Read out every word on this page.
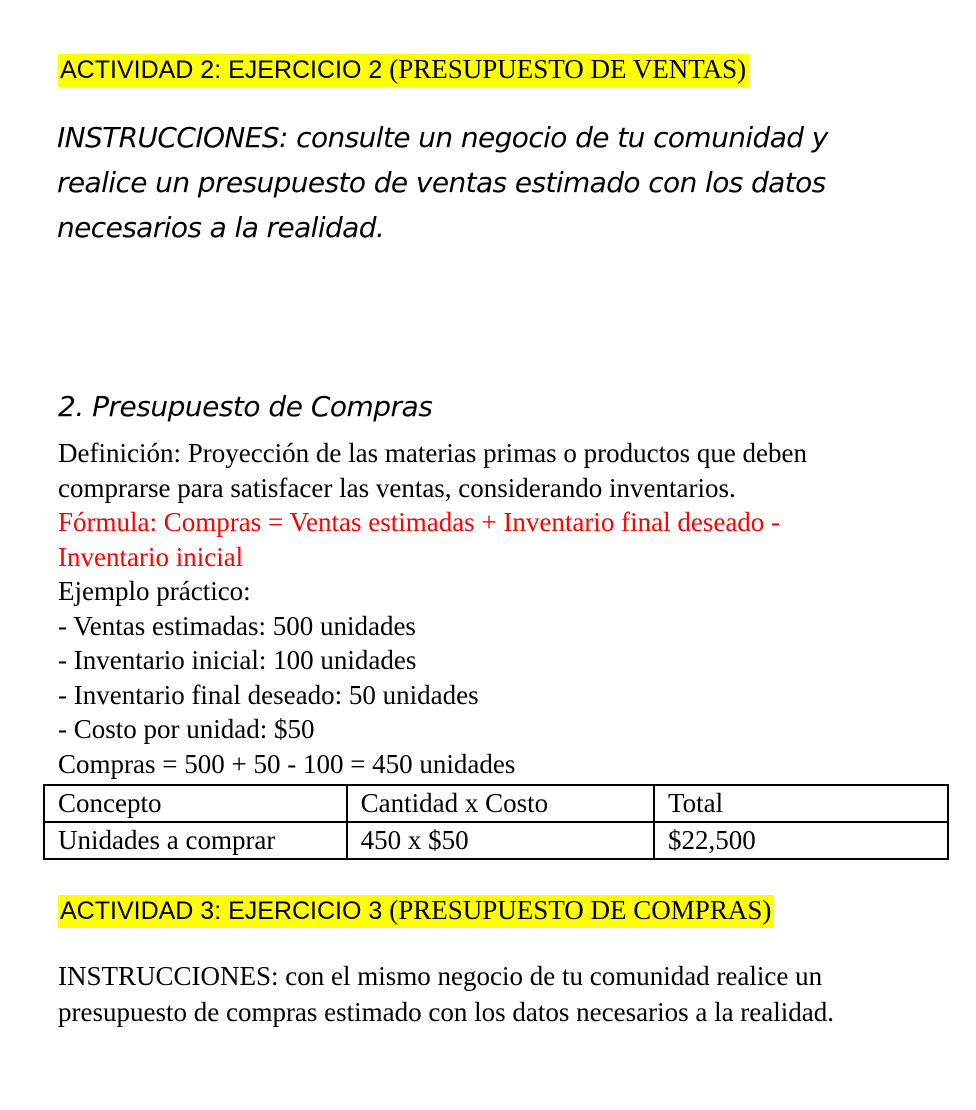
ACTIVIDAD 2: EJERCICIO 2 (PRESUPUESTO DE VENTAS)
INSTRUCCIONES: consulte un negocio de tu comunidad y
realice un presupuesto de ventas estimado con los datos
necesarios a la realidad.
2. Presupuesto de Compras
Definición: Proyección de las materias primas o productos que deben
comprarse para satisfacer las ventas, considerando inventarios.
Fórmula: Compras = Ventas estimadas + Inventario final deseado -
Inventario inicial
Ejemplo práctico:
- Ventas estimadas: 500 unidades
- Inventario inicial: 100 unidades
- Inventario final deseado: 50 unidades
- Costo por unidad: $50
Compras = 500 + 50 - 100 = 450 unidades
Concepto	Cantidad x Costo	Total
Unidades a comprar	450 x $50	$22,500
ACTIVIDAD 3: EJERCICIO 3 (PRESUPUESTO DE COMPRAS)
INSTRUCCIONES: con el mismo negocio de tu comunidad realice un
presupuesto de compras estimado con los datos necesarios a la realidad.
